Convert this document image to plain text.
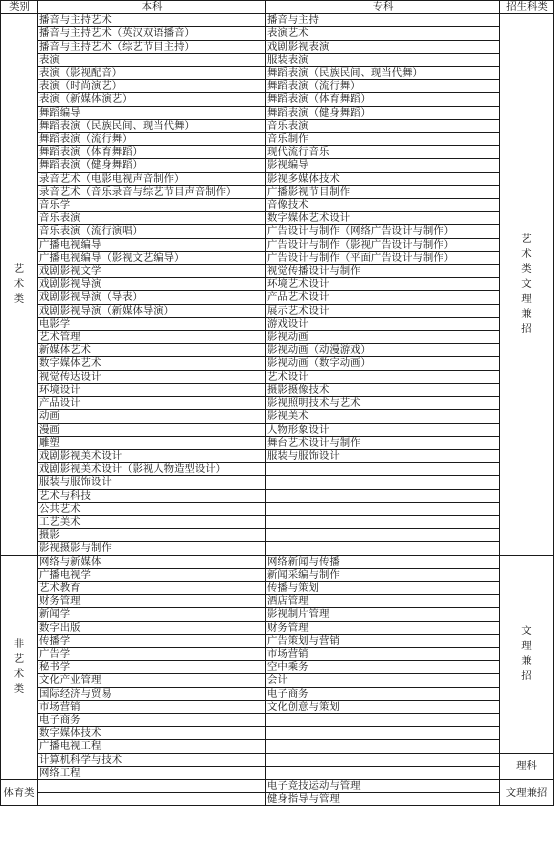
类别	本科	专科	招生科类

艺术类	播音与主持艺术	播音与主持	艺术类文理兼招

	播音与主持艺术（英汉双语播音）	表演艺术	
	播音与主持艺术（综艺节目主持）	戏剧影视表演	
	表演	服装表演	
	表演（影视配音）	舞蹈表演（民族民间、现当代舞）	
	表演（时尚演艺）	舞蹈表演（流行舞）	
	表演（新媒体演艺）	舞蹈表演（体育舞蹈）	
	舞蹈编导	舞蹈表演（健身舞蹈）	
	舞蹈表演（民族民间、现当代舞）	音乐表演	
	舞蹈表演（流行舞）	音乐制作	
	舞蹈表演（体育舞蹈）	现代流行音乐	
	舞蹈表演（健身舞蹈）	影视编导	
	录音艺术（电影电视声音制作）	影视多媒体技术	
	录音艺术（音乐录音与综艺节目声音制作）	广播影视节目制作	
	音乐学	音像技术	
	音乐表演	数字媒体艺术设计	
	音乐表演（流行演唱）	广告设计与制作（网络广告设计与制作）	
	广播电视编导	广告设计与制作（影视广告设计与制作）	
	广播电视编导（影视文艺编导）	广告设计与制作（平面广告设计与制作）	
	戏剧影视文学	视觉传播设计与制作	
	戏剧影视导演	环境艺术设计	
	戏剧影视导演（导表）	产品艺术设计	
	戏剧影视导演（新媒体导演）	展示艺术设计	
	电影学	游戏设计	
	艺术管理	影视动画	
	新媒体艺术	影视动画（动漫游戏）	
	数字媒体艺术	影视动画（数字动画）	
	视觉传达设计	艺术设计	
	环境设计	摄影摄像技术	
	产品设计	影视照明技术与艺术	
	动画	影视美术	
	漫画	人物形象设计	
	雕塑	舞台艺术设计与制作	
	戏剧影视美术设计	服装与服饰设计	
	戏剧影视美术设计（影视人物造型设计）		
	服装与服饰设计		
	艺术与科技		
	公共艺术		
	工艺美术		
	摄影		
	影视摄影与制作		

非艺术类	网络与新媒体	网络新闻与传播	文理兼招

	广播电视学	新闻采编与制作	
	艺术教育	传播与策划	
	财务管理	酒店管理	
	新闻学	影视制片管理	
	数字出版	财务管理	
	传播学	广告策划与营销	
	广告学	市场营销	
	秘书学	空中乘务	
	文化产业管理	会计	
	国际经济与贸易	电子商务	
	市场营销	文化创意与策划	
	电子商务		
	数字媒体技术		
	广播电视工程		
	计算机科学与技术		理科

	网络工程		

体育类		电子竞技运动与管理	文理兼招

		健身指导与管理	
